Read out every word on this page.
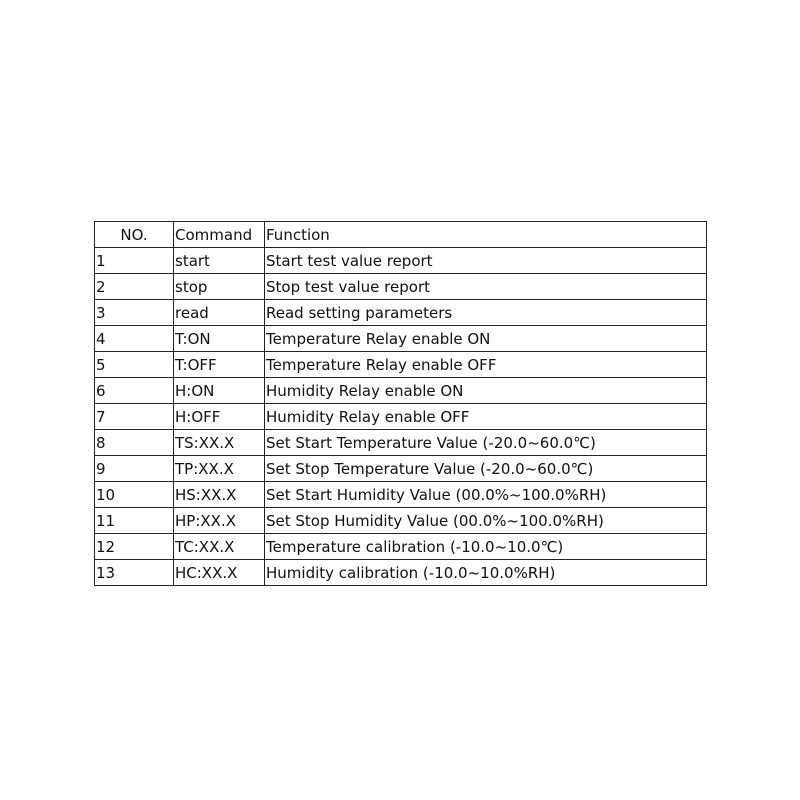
NO.	Command	Function
1	start	Start test value report
2	stop	Stop test value report
3	read	Read setting parameters
4	T:ON	Temperature Relay enable ON
5	T:OFF	Temperature Relay enable OFF
6	H:ON	Humidity Relay enable ON
7	H:OFF	Humidity Relay enable OFF
8	TS:XX.X	Set Start Temperature Value (-20.0~60.0℃)
9	TP:XX.X	Set Stop Temperature Value (-20.0~60.0℃)
10	HS:XX.X	Set Start Humidity Value (00.0%~100.0%RH)
11	HP:XX.X	Set Stop Humidity Value (00.0%~100.0%RH)
12	TC:XX.X	Temperature calibration (-10.0~10.0℃)
13	HC:XX.X	Humidity calibration (-10.0~10.0%RH)
